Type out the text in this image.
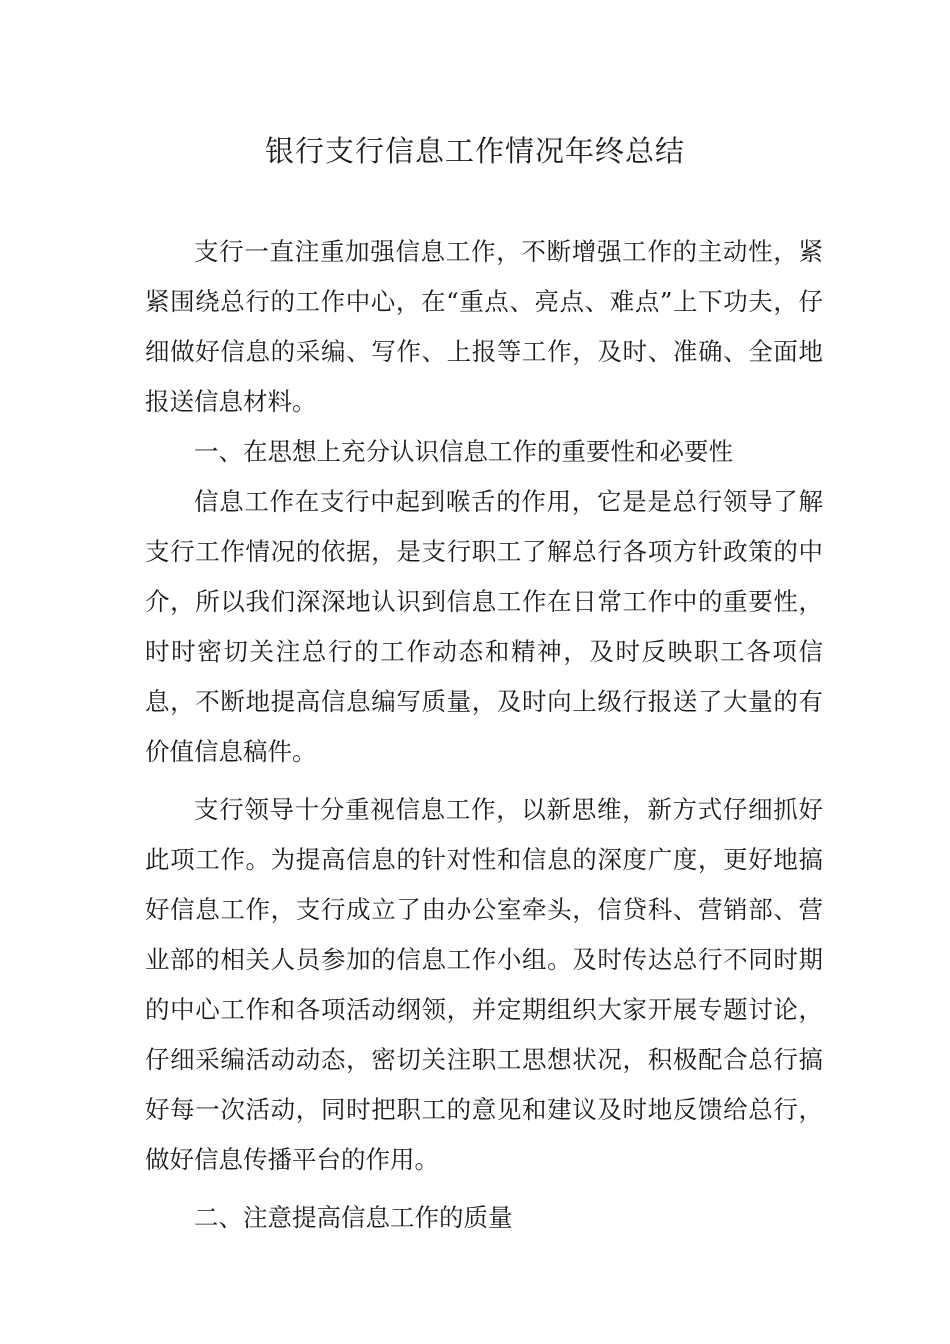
银行支行信息工作情况年终总结

支行一直注重加强信息工作，不断增强工作的主动性，紧紧围绕总行的工作中心，在“重点、亮点、难点”上下功夫，仔细做好信息的采编、写作、上报等工作，及时、准确、全面地报送信息材料。

一、在思想上充分认识信息工作的重要性和必要性

信息工作在支行中起到喉舌的作用，它是是总行领导了解支行工作情况的依据，是支行职工了解总行各项方针政策的中介，所以我们深深地认识到信息工作在日常工作中的重要性，时时密切关注总行的工作动态和精神，及时反映职工各项信息，不断地提高信息编写质量，及时向上级行报送了大量的有价值信息稿件。

支行领导十分重视信息工作，以新思维，新方式仔细抓好此项工作。为提高信息的针对性和信息的深度广度，更好地搞好信息工作，支行成立了由办公室牵头，信贷科、营销部、营业部的相关人员参加的信息工作小组。及时传达总行不同时期的中心工作和各项活动纲领，并定期组织大家开展专题讨论，仔细采编活动动态，密切关注职工思想状况，积极配合总行搞好每一次活动，同时把职工的意见和建议及时地反馈给总行，做好信息传播平台的作用。

二、注意提高信息工作的质量
